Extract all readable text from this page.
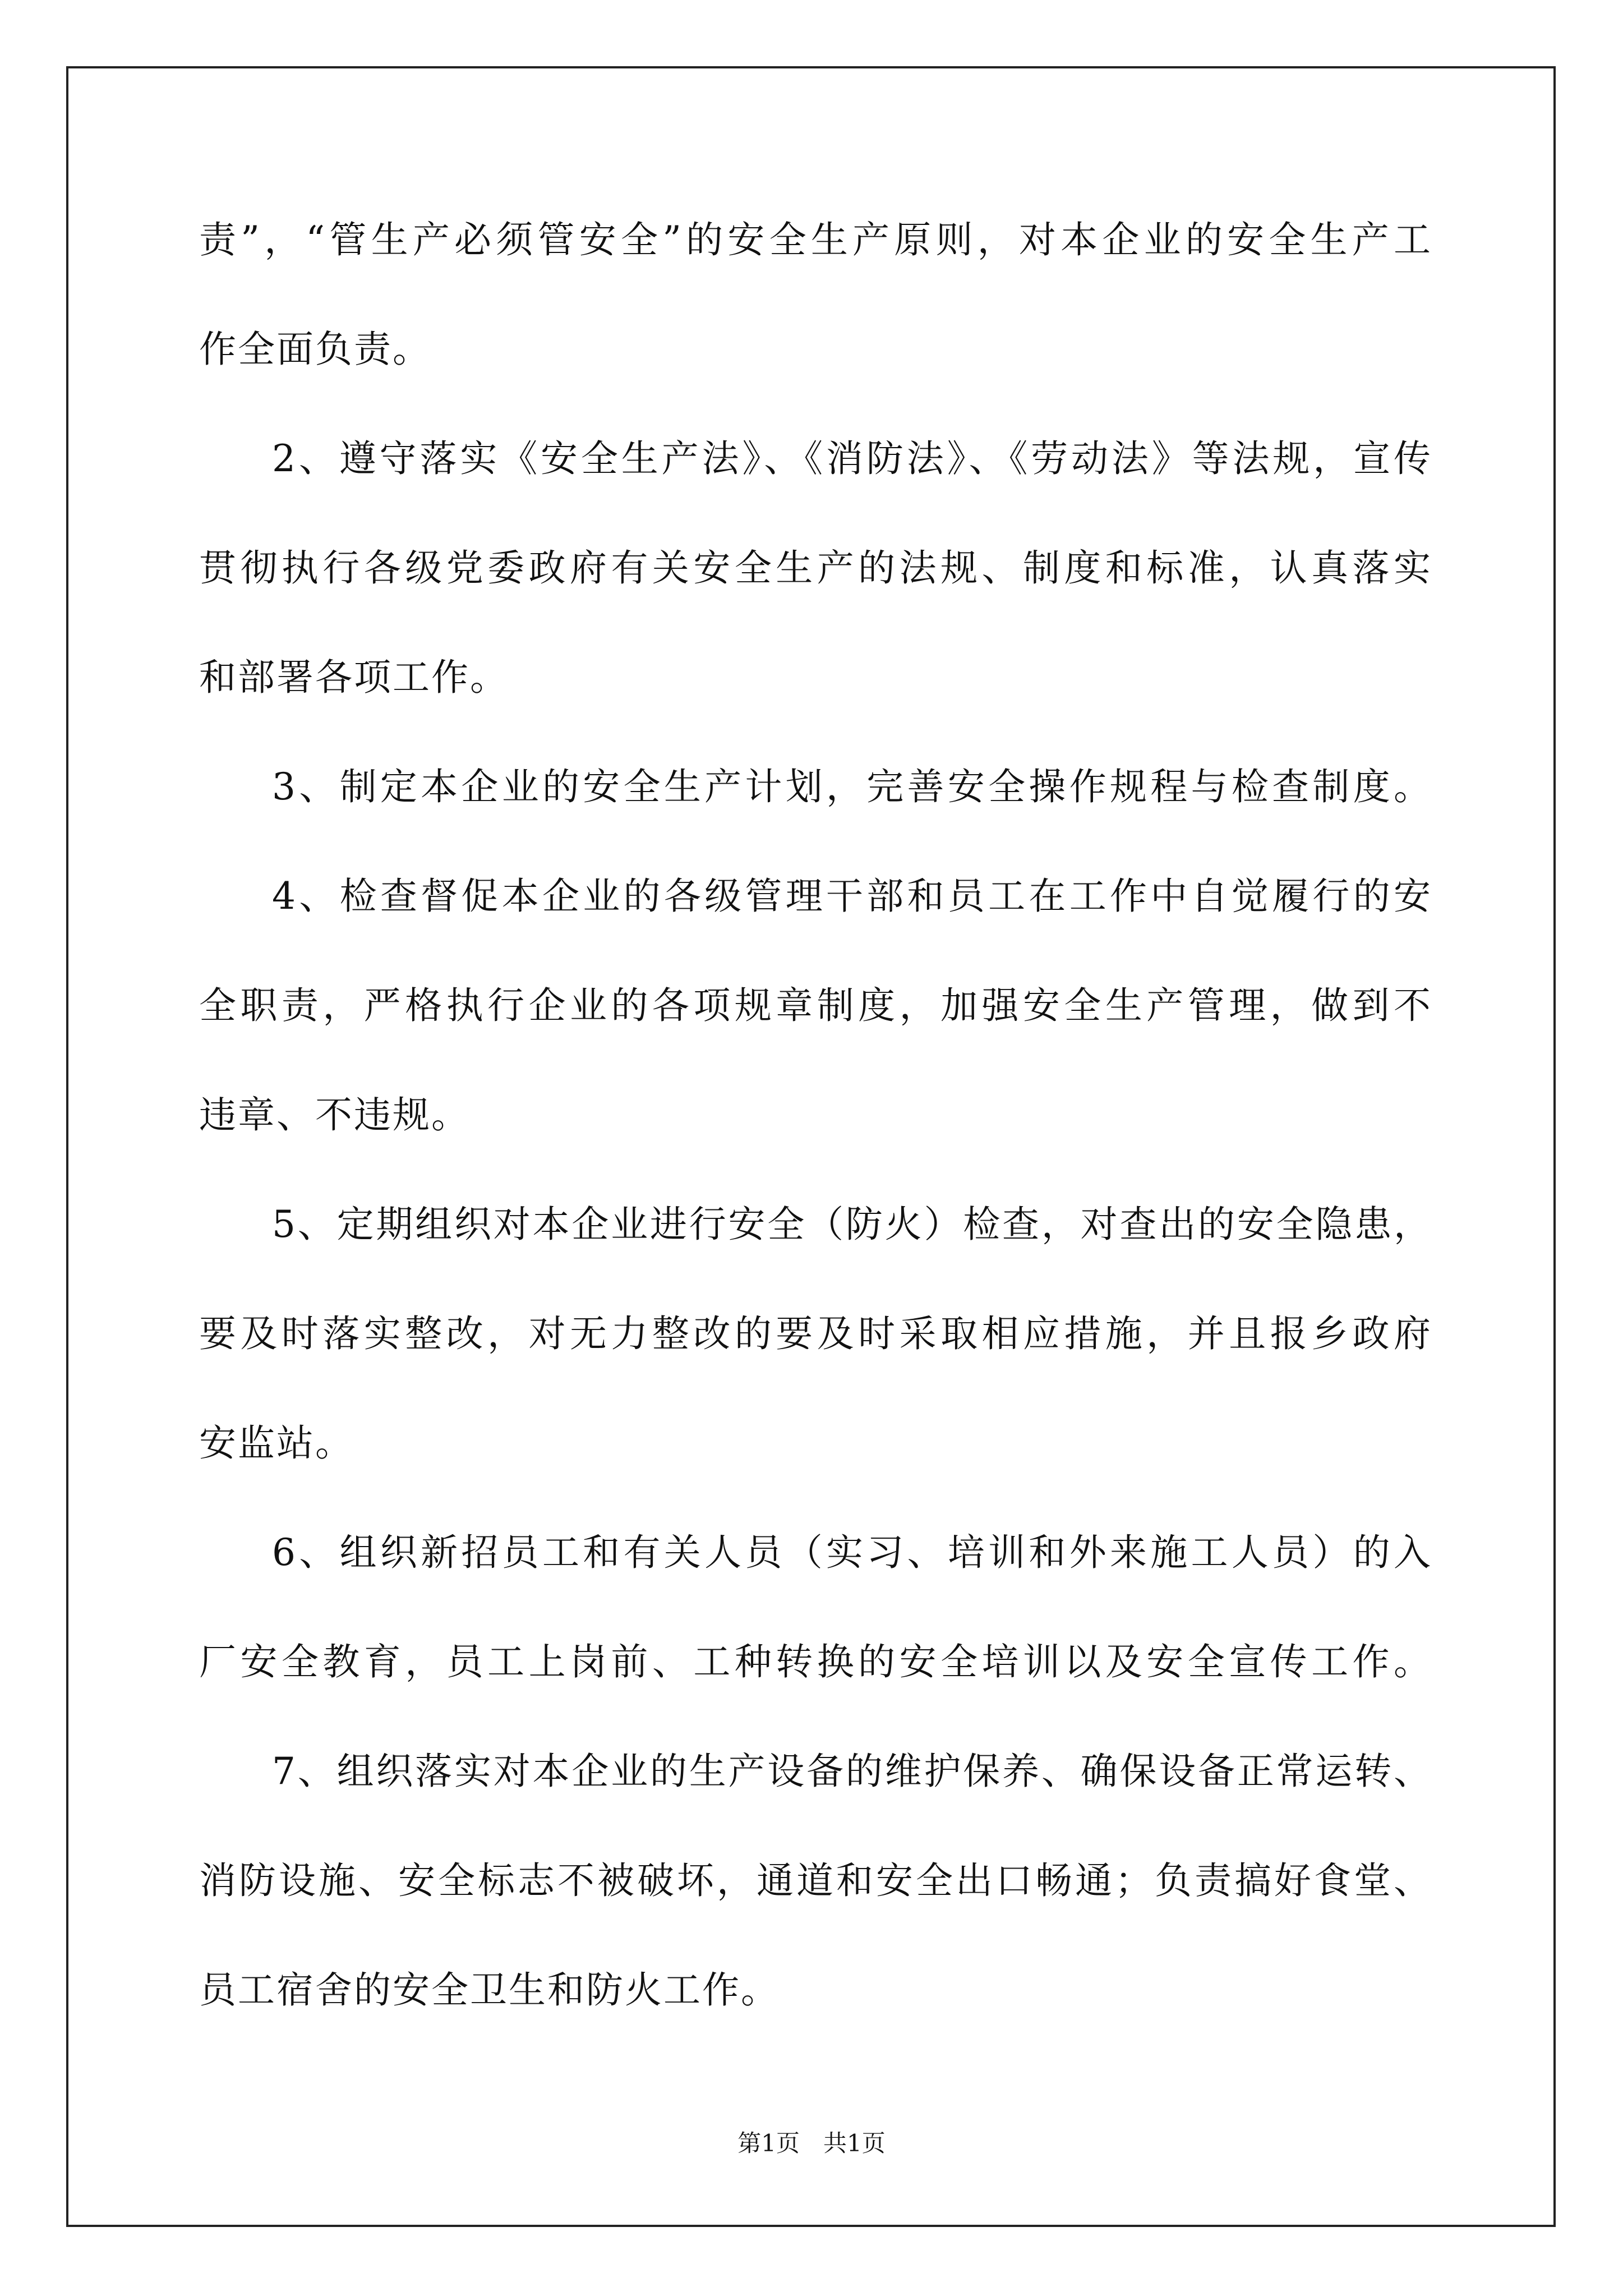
责”，“管生产必须管安全”的安全生产原则，对本企业的安全生产工
作全面负责。
2、遵守落实《安全生产法》、《消防法》、《劳动法》等法规，宣传
贯彻执行各级党委政府有关安全生产的法规、制度和标准，认真落实
和部署各项工作。
3、制定本企业的安全生产计划，完善安全操作规程与检查制度。
4、检查督促本企业的各级管理干部和员工在工作中自觉履行的安
全职责，严格执行企业的各项规章制度，加强安全生产管理，做到不
违章、不违规。
5、定期组织对本企业进行安全（防火）检查，对查出的安全隐患，
要及时落实整改，对无力整改的要及时采取相应措施，并且报乡政府
安监站。
6、组织新招员工和有关人员（实习、培训和外来施工人员）的入
厂安全教育，员工上岗前、工种转换的安全培训以及安全宣传工作。
7、组织落实对本企业的生产设备的维护保养、确保设备正常运转、
消防设施、安全标志不被破坏，通道和安全出口畅通；负责搞好食堂、
员工宿舍的安全卫生和防火工作。
第1页　共1页
